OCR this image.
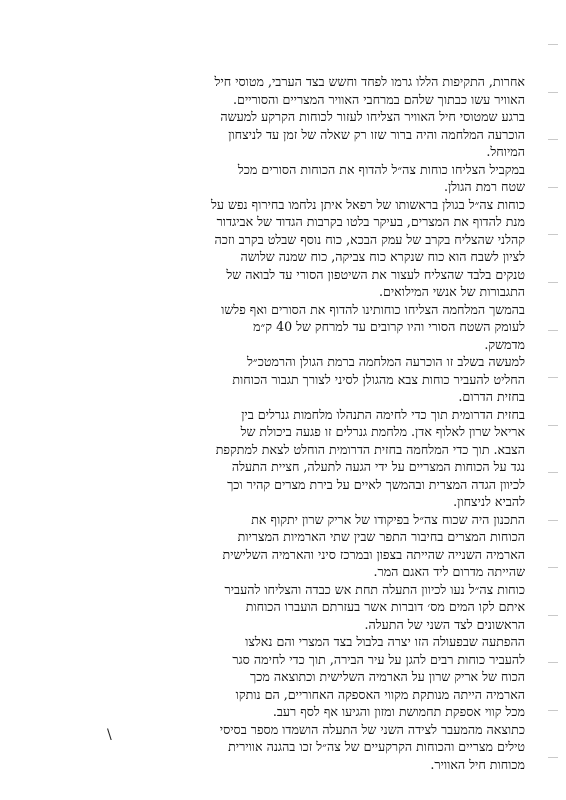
אחרות, התקיפות הללו גרמו לפחד וחשש בצד הערבי, מטוסי חיל
האוויר עשו כבתוך שלהם במרחבי האוויר המצריים והסוריים.
ברגע שמטוסי חיל האוויר הצליחו לעזור לכוחות הקרקע למעשה
הוכרעה המלחמה והיה ברור שזו רק שאלה של זמן עד לניצחון
המיוחל.
במקביל הצליחו כוחות צה״ל להדוף את הכוחות הסורים מכל
שטח רמת הגולן.
כוחות צה״ל בגולן בראשותו של רפאל איתן נלחמו בחירוף נפש על
מנת להדוף את המצרים, בעיקר בלטו בקרבות הגדוד של אביגדור
קהלני שהצליח בקרב של עמק הבכא, כוח נוסף שבלט בקרב וזכה
לציון לשבח הוא כוח שנקרא כוח צביקה, כוח שמנה שלושה
טנקים בלבד שהצליח לעצור את השיטפון הסורי עד לבואה של
התגבורות של אנשי המילואים.
בהמשך המלחמה הצליחו כוחותינו להדוף את הסורים ואף פלשו
לעומק השטח הסורי והיו קרובים עד למרחק של 40 ק״מ
מדמשק.
למעשה בשלב זו הוכרעה המלחמה ברמת הגולן והרמטכ״ל
החליט להעביר כוחות צבא מהגולן לסיני לצורך תגבור הכוחות
בחזית הדרום.
בחזית הדרומית תוך כדי לחימה התנהלו מלחמות גנרלים בין
אריאל שרון לאלוף אדן. מלחמת גנרלים זו פגעה ביכולת של
הצבא. תוך כדי המלחמה בחזית הדרומית הוחלט לצאת למתקפת
נגד על הכוחות המצריים על ידי הגעה לתעלה, חציית התעלה
לכיוון הגדה המצרית ובהמשך לאיים על בירת מצרים קהיר וכך
להביא לניצחון.
התכנון היה שכוח צה״ל בפיקודו של אריק שרון יתקוף את
הכוחות המצרים בחיבור התפר שבין שתי הארמיות המצריות
הארמיה השנייה שהייתה בצפון ובמרכז סיני והארמיה השלישית
שהייתה מדרום ליד האגם המר.
כוחות צה״ל נעו לכיוון התעלה תחת אש כבדה והצליחו להעביר
איתם לקו המים מס׳ דוברות אשר בעזרתם הועברו הכוחות
הראשונים לצד השני של התעלה.
ההפתעה שבפעולה הזו יצרה בלבול בצד המצרי והם נאלצו
להעביר כוחות רבים להגן על עיר הבירה, תוך כדי לחימה סגר
הכוח של אריק שרון על הארמיה השלישית וכתוצאה מכך
הארמיה הייתה מנותקת מקווי האספקה האחוריים, הם נותקו
מכל קווי אספקת תחמושת ומזון והגיעו אף לסף רעב.
כתוצאה מהמעבר לצידה השני של התעלה הושמדו מספר בסיסי
טילים מצריים והכוחות הקרקעיים של צה״ל זכו בהגנה אווירית
מכוחות חיל האוויר.
\
